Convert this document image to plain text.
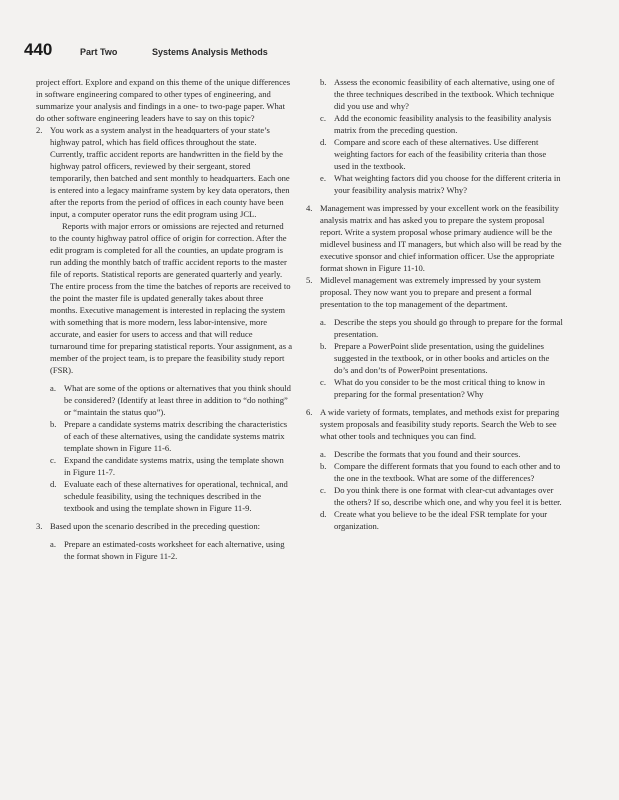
440	Part Two	Systems Analysis Methods

project effort. Explore and expand on this theme of the unique differences in software engineering compared to other types of engineering, and summarize your analysis and findings in a one- to two-page paper. What do other software engineering leaders have to say on this topic?

2. You work as a system analyst in the headquarters of your state’s highway patrol, which has field offices throughout the state. Currently, traffic accident reports are handwritten in the field by the highway patrol officers, reviewed by their sergeant, stored temporarily, then batched and sent monthly to headquarters. Each one is entered into a legacy mainframe system by key data operators, then after the reports from the period of offices in each county have been input, a computer operator runs the edit program using JCL.

Reports with major errors or omissions are rejected and returned to the county highway patrol office of origin for correction. After the edit program is completed for all the counties, an update program is run adding the monthly batch of traffic accident reports to the master file of reports. Statistical reports are generated quarterly and yearly. The entire process from the time the batches of reports are received to the point the master file is updated generally takes about three months. Executive management is interested in replacing the system with something that is more modern, less labor-intensive, more accurate, and easier for users to access and that will reduce turnaround time for preparing statistical reports. Your assignment, as a member of the project team, is to prepare the feasibility study report (FSR).

a. What are some of the options or alternatives that you think should be considered? (Identify at least three in addition to “do nothing” or “maintain the status quo”).
b. Prepare a candidate systems matrix describing the characteristics of each of these alternatives, using the candidate systems matrix template shown in Figure 11-6.
c. Expand the candidate systems matrix, using the template shown in Figure 11-7.
d. Evaluate each of these alternatives for operational, technical, and schedule feasibility, using the techniques described in the textbook and using the template shown in Figure 11-9.
3. Based upon the scenario described in the preceding question:

a. Prepare an estimated-costs worksheet for each alternative, using the format shown in Figure 11-2.
b. Assess the economic feasibility of each alternative, using one of the three techniques described in the textbook. Which technique did you use and why?
c. Add the economic feasibility analysis to the feasibility analysis matrix from the preceding question.
d. Compare and score each of these alternatives. Use different weighting factors for each of the feasibility criteria than those used in the textbook.
e. What weighting factors did you choose for the different criteria in your feasibility analysis matrix? Why?
4. Management was impressed by your excellent work on the feasibility analysis matrix and has asked you to prepare the system proposal report. Write a system proposal whose primary audience will be the midlevel business and IT managers, but which also will be read by the executive sponsor and chief information officer. Use the appropriate format shown in Figure 11-10.

5. Midlevel management was extremely impressed by your system proposal. They now want you to prepare and present a formal presentation to the top management of the department.

a. Describe the steps you should go through to prepare for the formal presentation.
b. Prepare a PowerPoint slide presentation, using the guidelines suggested in the textbook, or in other books and articles on the do’s and don’ts of PowerPoint presentations.
c. What do you consider to be the most critical thing to know in preparing for the formal presentation? Why
6. A wide variety of formats, templates, and methods exist for preparing system proposals and feasibility study reports. Search the Web to see what other tools and techniques you can find.

a. Describe the formats that you found and their sources.
b. Compare the different formats that you found to each other and to the one in the textbook. What are some of the differences?
c. Do you think there is one format with clear-cut advantages over the others? If so, describe which one, and why you feel it is better.
d. Create what you believe to be the ideal FSR template for your organization.
